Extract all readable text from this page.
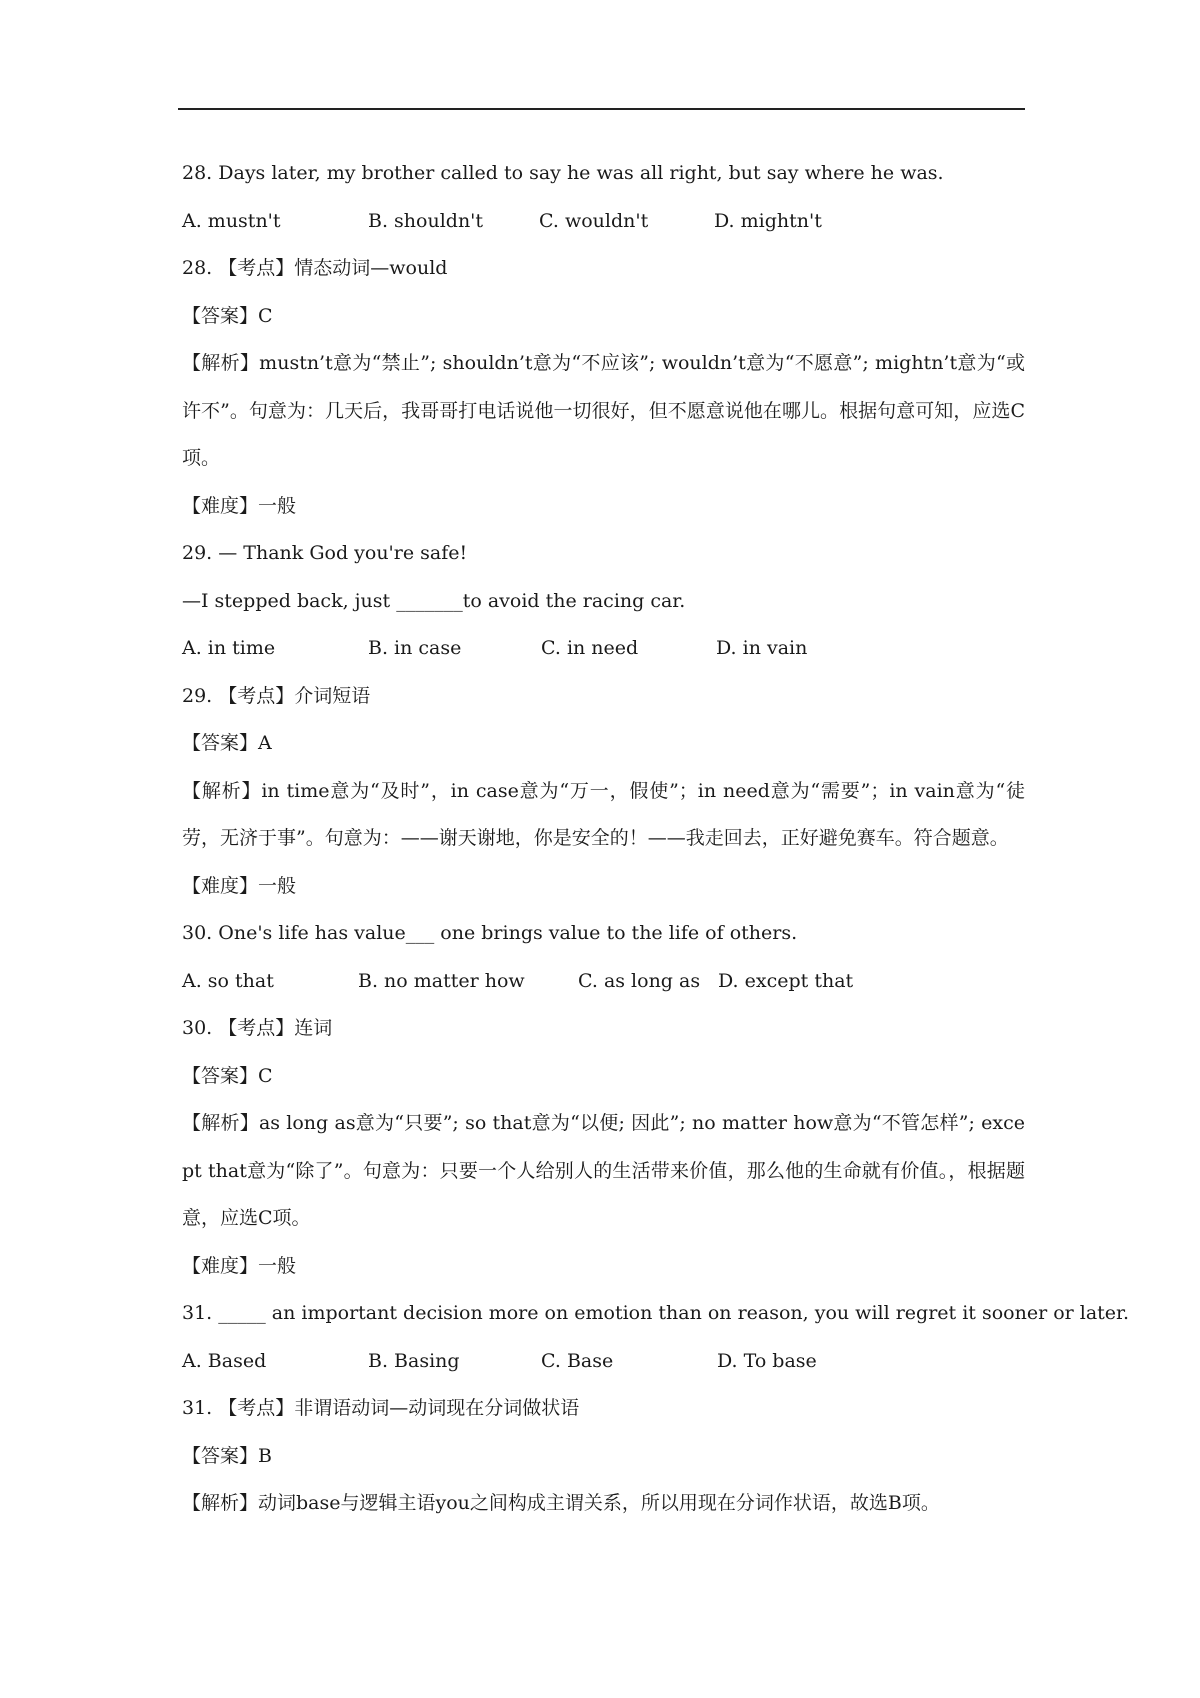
28. Days later, my brother called to say he was all right, but say where he was.
A. mustn't	B. shouldn't	C. wouldn't	D. mightn't
28. 【考点】情态动词—would
【答案】C
【解析】mustn’t意为“禁止”; shouldn’t意为“不应该”; wouldn’t意为“不愿意”; mightn’t意为“或许不”。句意为：几天后，我哥哥打电话说他一切很好，但不愿意说他在哪儿。根据句意可知，应选C项。
【难度】一般
29. — Thank God you're safe!
—I stepped back, just _______to avoid the racing car.
A. in time	B. in case	C. in need	D. in vain
29. 【考点】介词短语
【答案】A
【解析】in time意为“及时”，in case意为“万一，假使”；in need意为“需要”；in vain意为“徒劳，无济于事”。句意为：——谢天谢地，你是安全的！——我走回去，正好避免赛车。符合题意。
【难度】一般
30. One's life has value___ one brings value to the life of others.
A. so that	B. no matter how	C. as long as D. except that
30. 【考点】连词
【答案】C
【解析】as long as意为“只要”; so that意为“以便; 因此”; no matter how意为“不管怎样”; except that意为“除了”。句意为：只要一个人给别人的生活带来价值，那么他的生命就有价值。，根据题意，应选C项。
【难度】一般
31. _____ an important decision more on emotion than on reason, you will regret it sooner or later.
A. Based	B. Basing	C. Base	D. To base
31. 【考点】非谓语动词—动词现在分词做状语
【答案】B
【解析】动词base与逻辑主语you之间构成主谓关系，所以用现在分词作状语，故选B项。
